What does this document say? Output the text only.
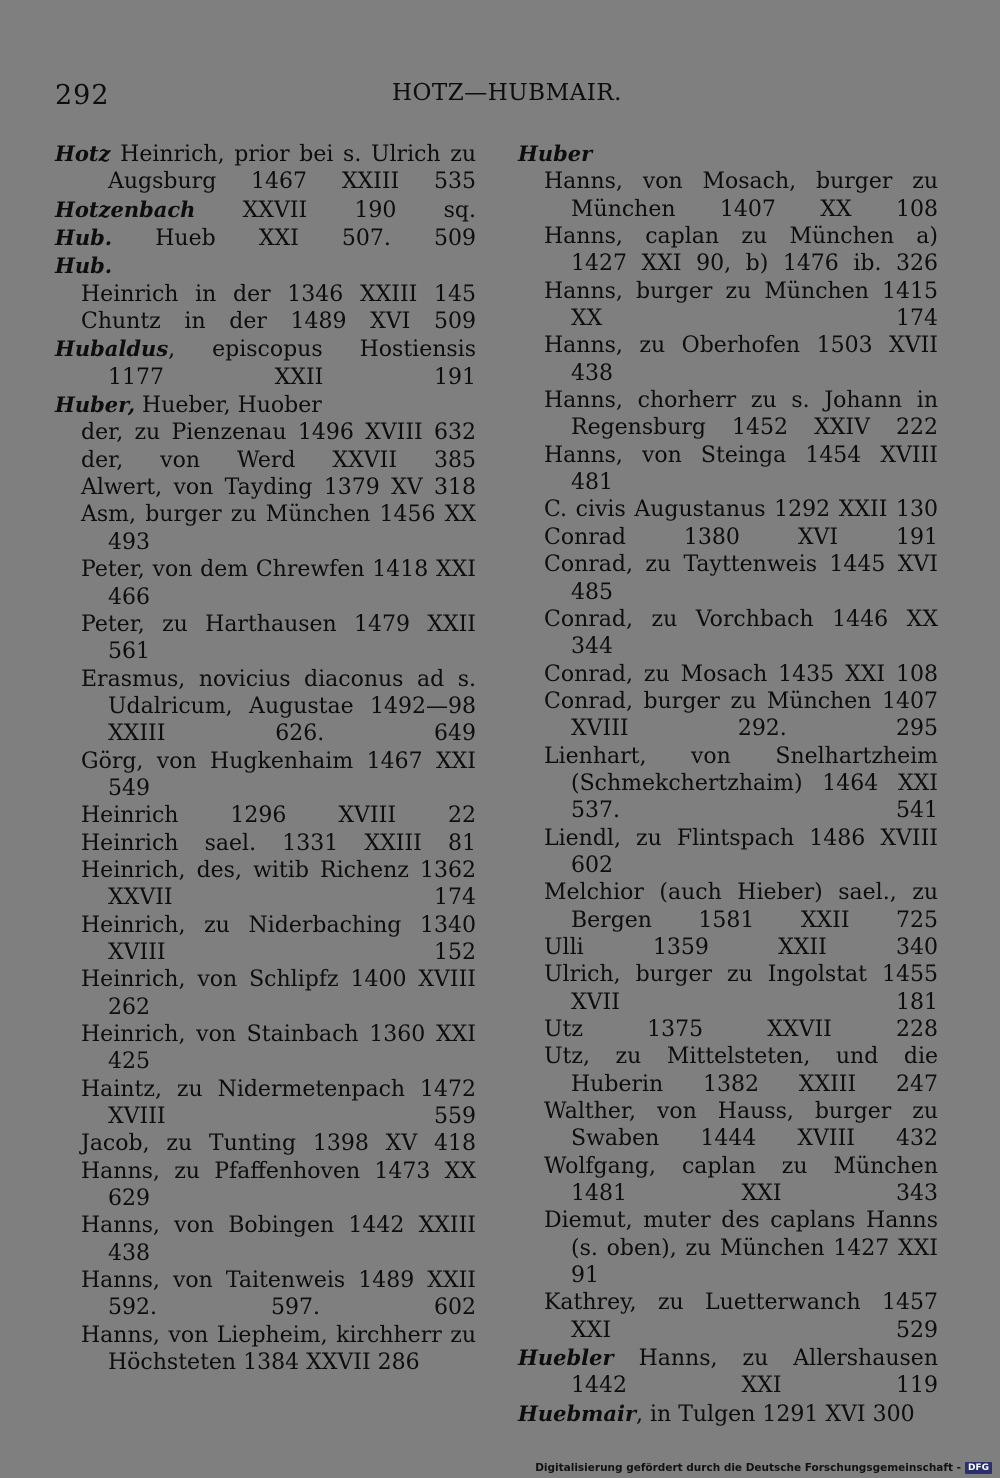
292	HOTZ—HUBMAIR.
Hotz Heinrich, prior bei s. Ulrich zu Augsburg 1467 XXIII 535
Hotzenbach XXVII 190 sq.
Hub. Hueb XXI 507. 509
Hub.
Heinrich in der 1346 XXIII 145
Chuntz in der 1489 XVI 509
Hubaldus, episcopus Hostiensis 1177 XXII 191
Huber, Hueber, Huober
der, zu Pienzenau 1496 XVIII 632
der, von Werd XXVII 385
Alwert, von Tayding 1379 XV 318
Asm, burger zu München 1456 XX 493
Peter, von dem Chrewfen 1418 XXI 466
Peter, zu Harthausen 1479 XXII 561
Erasmus, novicius diaconus ad s. Udalricum, Augustae 1492—98 XXIII 626. 649
Görg, von Hugkenhaim 1467 XXI 549
Heinrich 1296 XVIII 22
Heinrich sael. 1331 XXIII 81
Heinrich, des, witib Richenz 1362 XXVII 174
Heinrich, zu Niderbaching 1340 XVIII 152
Heinrich, von Schlipfz 1400 XVIII 262
Heinrich, von Stainbach 1360 XXI 425
Haintz, zu Nidermetenpach 1472 XVIII 559
Jacob, zu Tunting 1398 XV 418
Hanns, zu Pfaffenhoven 1473 XX 629
Hanns, von Bobingen 1442 XXIII 438
Hanns, von Taitenweis 1489 XXII 592. 597. 602
Hanns, von Liepheim, kirchherr zu Höchsteten 1384 XXVII 286
Huber
Hanns, von Mosach, burger zu München 1407 XX 108
Hanns, caplan zu München a) 1427 XXI 90, b) 1476 ib. 326
Hanns, burger zu München 1415 XX 174
Hanns, zu Oberhofen 1503 XVII 438
Hanns, chorherr zu s. Johann in Regensburg 1452 XXIV 222
Hanns, von Steinga 1454 XVIII 481
C. civis Augustanus 1292 XXII 130
Conrad 1380 XVI 191
Conrad, zu Tayttenweis 1445 XVI 485
Conrad, zu Vorchbach 1446 XX 344
Conrad, zu Mosach 1435 XXI 108
Conrad, burger zu München 1407 XVIII 292. 295
Lienhart, von Snelhartzheim (Schmekchertzhaim) 1464 XXI 537. 541
Liendl, zu Flintspach 1486 XVIII 602
Melchior (auch Hieber) sael., zu Bergen 1581 XXII 725
Ulli 1359 XXII 340
Ulrich, burger zu Ingolstat 1455 XVII 181
Utz 1375 XXVII 228
Utz, zu Mittelsteten, und die Huberin 1382 XXIII 247
Walther, von Hauss, burger zu Swaben 1444 XVIII 432
Wolfgang, caplan zu München 1481 XXI 343
Diemut, muter des caplans Hanns (s. oben), zu München 1427 XXI 91
Kathrey, zu Luetterwanch 1457 XXI 529
Huebler Hanns, zu Allershausen 1442 XXI 119
Huebmair, in Tulgen 1291 XVI 300
Digitalisierung gefördert durch die Deutsche Forschungsgemeinschaft - DFG
